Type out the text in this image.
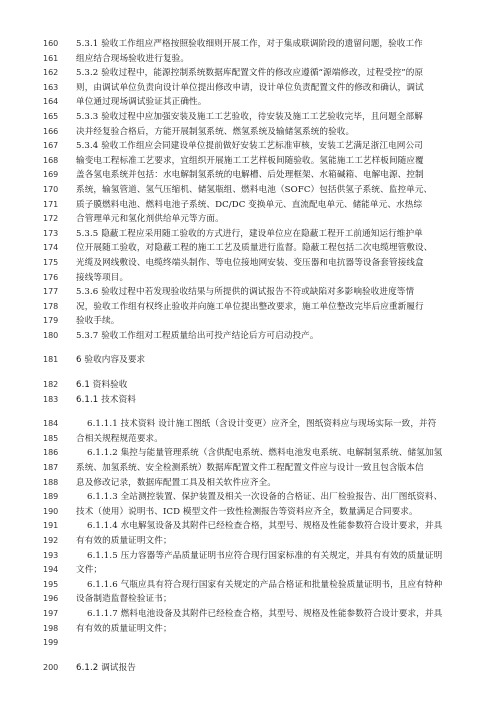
160	5.3.1 验收工作组应严格按照验收细则开展工作，对于集成联调阶段的遗留问题，验收工作
161	组应结合现场验收进行复验。
162	5.3.2 验收过程中，能源控制系统数据库配置文件的修改应遵循“源端修改，过程受控”的原
163	则，由调试单位负责向设计单位提出修改申请，设计单位负责配置文件的修改和确认，调试
164	单位通过现场调试验证其正确性。
165	5.3.3 验收过程中应加强安装及施工工艺验收，待安装及施工工艺验收完毕，且问题全部解
166	决并经复验合格后，方能开展制氢系统、燃氢系统及输储氢系统的验收。
167	5.3.4 验收工作组应会同建设单位提前做好安装工艺标准审核，安装工艺满足浙江电网公司
168	输变电工程标准工艺要求，宜组织开展施工工艺样板间随验收。氢能施工工艺样板间随应覆
169	盖各氢电系统并包括：水电解制氢系统的电解槽、后处理框架、水箱碱箱、电解电源、控制
170	系统，输氢管道、氢气压缩机、储氢瓶组、燃料电池（SOFC）包括供氢子系统、监控单元、
171	质子膜燃料电池、燃料电池子系统、DC/DC 变换单元、直流配电单元、储能单元、水热综
172	合管理单元和氢化剂供给单元等方面。
173	5.3.5 隐蔽工程应采用随工验收的方式进行，建设单位应在隐蔽工程开工前通知运行维护单
174	位开展随工验收，对隐蔽工程的施工工艺及质量进行监督。隐蔽工程包括二次电缆埋管敷设、
175	光缆及网线敷设、电缆终端头制作、等电位接地网安装、变压器和电抗器等设备套管接线盒
176	接线等项目。
177	5.3.6 验收过程中若发现验收结果与所提供的调试报告不符或缺陷对多影响验收进度等情
178	况，验收工作组有权终止验收并向施工单位提出整改要求，施工单位整改完毕后应重新履行
179	验收手续。
180	5.3.7 验收工作组对工程质量给出可投产结论后方可启动投产。
181	6 验收内容及要求
182	6.1 资料验收
183	6.1.1 技术资料
184	6.1.1.1 技术资料 设计施工图纸（含设计变更）应齐全，图纸资料应与现场实际一致，并符
185	合相关规程规范要求。
186	6.1.1.2 集控与能量管理系统（含供配电系统、燃料电池发电系统、电解制氢系统、储氢加氢
187	系统、加氢系统、安全检测系统）数据库配置文件工程配置文件应与设计一致且包含版本信
188	息及修改记录，数据库配置工具及相关软件应齐全。
189	6.1.1.3 全站测控装置、保护装置及相关一次设备的合格证、出厂检验报告、出厂图纸资料、
190	技术（使用）说明书、ICD 模型文件一致性检测报告等资料应齐全，数量满足合同要求。
191	6.1.1.4 水电解氢设备及其附件已经检查合格，其型号、规格及性能参数符合设计要求，并具
192	有有效的质量证明文件；
193	6.1.1.5 压力容器等产品质量证明书应符合现行国家标准的有关规定，并具有有效的质量证明
194	文件；
195	6.1.1.6 气瓶应具有符合现行国家有关规定的产品合格证和批量检验质量证明书，且应有特种
196	设备制造监督检验证书；
197	6.1.1.7 燃料电池设备及其附件已经检查合格，其型号、规格及性能参数符合设计要求，并具
198	有有效的质量证明文件；
199
200	6.1.2 调试报告
